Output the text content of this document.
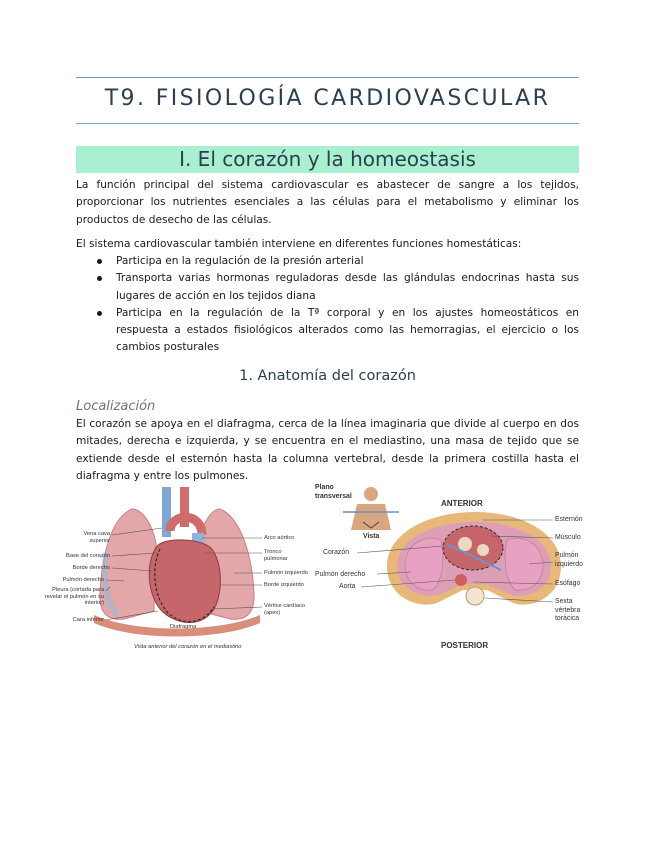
T9. FISIOLOGÍA CARDIOVASCULAR
I. El corazón y la homeostasis
La función principal del sistema cardiovascular es abastecer de sangre a los tejidos, proporcionar los nutrientes esenciales a las células para el metabolismo y eliminar los productos de desecho de las células.
El sistema cardiovascular también interviene en diferentes funciones homestáticas:
Participa en la regulación de la presión arterial
Transporta varias hormonas reguladoras desde las glándulas endocrinas hasta sus lugares de acción en los tejidos diana
Participa en la regulación de la Tª corporal y en los ajustes homeostáticos en respuesta a estados fisiológicos alterados como las hemorragias, el ejercicio o los cambios posturales
1. Anatomía del corazón
Localización
El corazón se apoya en el diafragma, cerca de la línea imaginaria que divide al cuerpo en dos mitades, derecha e izquierda, y se encuentra en el mediastino, una masa de tejido que se extiende desde el esternón hasta la columna vertebral, desde la primera costilla hasta el diafragma y entre los pulmones.
Vena cava superior
Base del corazón
Borde derecho
Pulmón derecho
Pleura (cortada para revelar el pulmón en su interior)
Cara inferior
Arco aórtico
Tronco pulmonar
Pulmón izquierdo
Borde izquierdo
Vértice cardíaco (apex)
Diafragma
Vista anterior del corazón en el mediastino
Plano transversal
Vista
ANTERIOR
POSTERIOR
Corazón
Pulmón derecho
Aorta
Esternón
Músculo
Pulmón izquierdo
Esófago
Sexta vértebra torácica
